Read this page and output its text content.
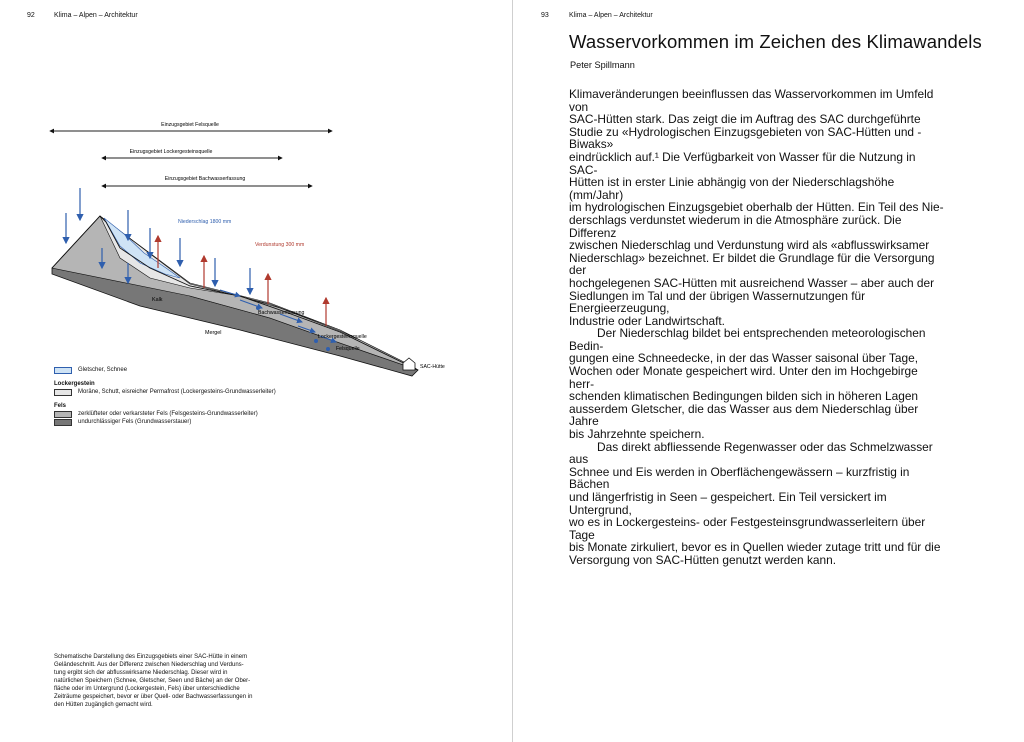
92	Klima – Alpen – Architektur
Einzugsgebiet Felsquelle
Einzugsgebiet Lockergesteinsquelle
Einzugsgebiet Bachwasserfassung
Niederschlag 1800 mm
Verdunstung 300 mm
Kalk
Mergel
Bachwasserfassung
Lockergesteinsquelle
Felsquelle
SAC-Hütte
Gletscher, Schnee
Lockergestein
Moräne, Schutt, eisreicher Permafrost (Lockergesteins-Grundwasserleiter)
Fels
zerklüfteter oder verkarsteter Fels (Felsgesteins-Grundwasserleiter)
undurchlässiger Fels (Grundwasserstauer)
Schematische Darstellung des Einzugsgebiets einer SAC-Hütte in einem
Geländeschnitt. Aus der Differenz zwischen Niederschlag und Verduns-
tung ergibt sich der abflusswirksame Niederschlag. Dieser wird in
natürlichen Speichern (Schnee, Gletscher, Seen und Bäche) an der Ober-
fläche oder im Untergrund (Lockergestein, Fels) über unterschiedliche
Zeiträume gespeichert, bevor er über Quell- oder Bachwasserfassungen in
den Hütten zugänglich gemacht wird.
93	Klima – Alpen – Architektur
Wasservorkommen im Zeichen des Klimawandels
Peter Spillmann

Klimaveränderungen beeinflussen das Wasservorkommen im Umfeld von
SAC-Hütten stark. Das zeigt die im Auftrag des SAC durchgeführte
Studie zu «Hydrologischen Einzugsgebieten von SAC-Hütten und -Biwaks»
eindrücklich auf.¹ Die Verfügbarkeit von Wasser für die Nutzung in SAC-
Hütten ist in erster Linie abhängig von der Niederschlagshöhe (mm/Jahr)
im hydrologischen Einzugsgebiet oberhalb der Hütten. Ein Teil des Nie-
derschlags verdunstet wiederum in die Atmosphäre zurück. Die Differenz
zwischen Niederschlag und Verdunstung wird als «abflusswirksamer
Niederschlag» bezeichnet. Er bildet die Grundlage für die Versorgung der
hochgelegenen SAC-Hütten mit ausreichend Wasser – aber auch der
Siedlungen im Tal und der übrigen Wassernutzungen für Energieerzeugung,
Industrie oder Landwirtschaft.

Der Niederschlag bildet bei entsprechenden meteorologischen Bedin-
gungen eine Schneedecke, in der das Wasser saisonal über Tage,
Wochen oder Monate gespeichert wird. Unter den im Hochgebirge herr-
schenden klimatischen Bedingungen bilden sich in höheren Lagen
ausserdem Gletscher, die das Wasser aus dem Niederschlag über Jahre
bis Jahrzehnte speichern.

Das direkt abfliessende Regenwasser oder das Schmelzwasser aus
Schnee und Eis werden in Oberflächengewässern – kurzfristig in Bächen
und längerfristig in Seen – gespeichert. Ein Teil versickert im Untergrund,
wo es in Lockergesteins- oder Festgesteinsgrundwasserleitern über Tage
bis Monate zirkuliert, bevor es in Quellen wieder zutage tritt und für die
Versorgung von SAC-Hütten genutzt werden kann.
